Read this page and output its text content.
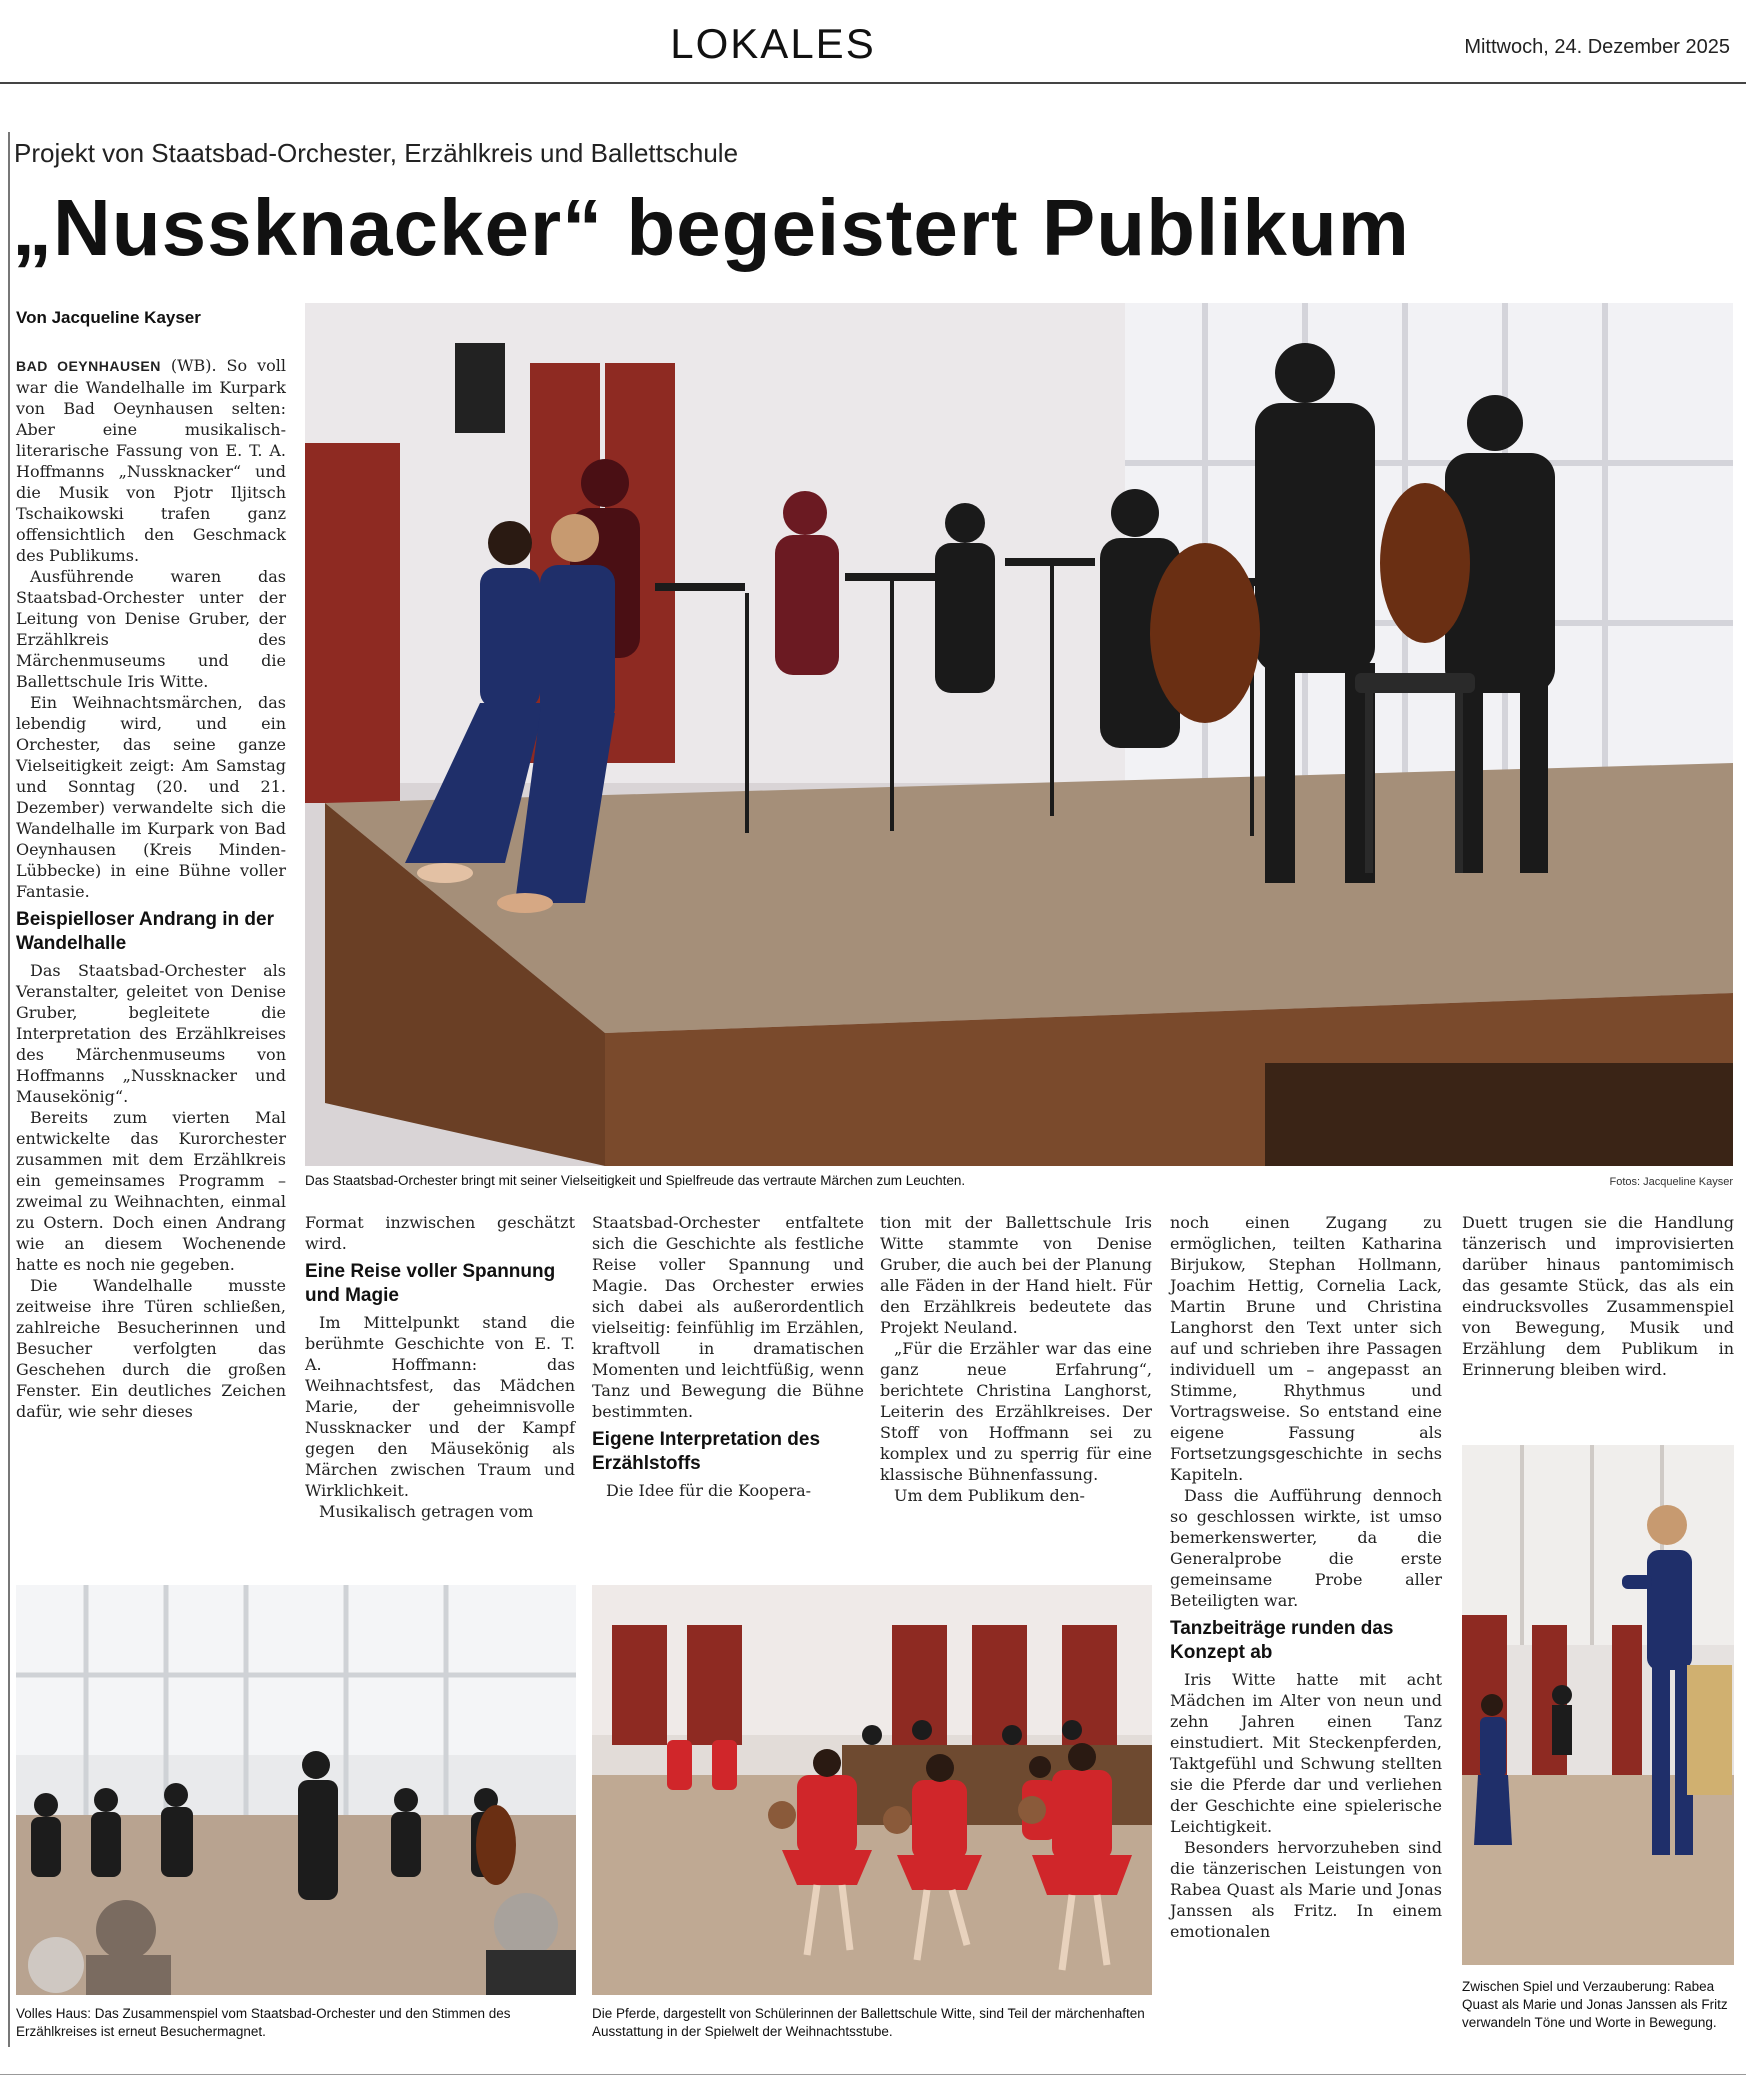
LOKALES	Mittwoch, 24. Dezember 2025
Projekt von Staatsbad-Orchester, Erzählkreis und Ballettschule
„Nussknacker“ begeistert Publikum
Von Jacqueline Kayser

BAD OEYNHAUSEN (WB). So voll war die Wandelhalle im Kurpark von Bad Oeynhausen selten: Aber eine musikalisch-literarische Fassung von E. T. A. Hoffmanns „Nussknacker“ und die Musik von Pjotr Iljitsch Tschaikowski trafen ganz offensichtlich den Geschmack des Publikums.

Ausführende waren das Staatsbad-Orchester unter der Leitung von Denise Gruber, der Erzählkreis des Märchenmuseums und die Ballettschule Iris Witte.

Ein Weihnachtsmärchen, das lebendig wird, und ein Orchester, das seine ganze Vielseitigkeit zeigt: Am Samstag und Sonntag (20. und 21. Dezember) verwandelte sich die Wandelhalle im Kurpark von Bad Oeynhausen (Kreis Minden-Lübbecke) in eine Bühne voller Fantasie.

Beispielloser Andrang in der Wandelhalle

Das Staatsbad-Orchester als Veranstalter, geleitet von Denise Gruber, begleitete die Interpretation des Erzählkreises des Märchenmuseums von Hoffmanns „Nussknacker und Mausekönig“.

Bereits zum vierten Mal entwickelte das Kurorchester zusammen mit dem Erzählkreis ein gemeinsames Programm – zweimal zu Weihnachten, einmal zu Ostern. Doch einen Andrang wie an diesem Wochenende hatte es noch nie gegeben.

Die Wandelhalle musste zeitweise ihre Türen schließen, zahlreiche Besucherinnen und Besucher verfolgten das Geschehen durch die großen Fenster. Ein deutliches Zeichen dafür, wie sehr dieses

Das Staatsbad-Orchester bringt mit seiner Vielseitigkeit und Spielfreude das vertraute Märchen zum Leuchten.	Fotos: Jacqueline Kayser

Format inzwischen geschätzt wird.

Eine Reise voller Spannung und Magie

Im Mittelpunkt stand die berühmte Geschichte von E. T. A. Hoffmann: das Weihnachtsfest, das Mädchen Marie, der geheimnisvolle Nussknacker und der Kampf gegen den Mäusekönig als Märchen zwischen Traum und Wirklichkeit.

Musikalisch getragen vom

Staatsbad-Orchester entfaltete sich die Geschichte als festliche Reise voller Spannung und Magie. Das Orchester erwies sich dabei als außerordentlich vielseitig: feinfühlig im Erzählen, kraftvoll in dramatischen Momenten und leichtfüßig, wenn Tanz und Bewegung die Bühne bestimmten.

Eigene Interpretation des Erzählstoffs

Die Idee für die Koopera-

tion mit der Ballettschule Iris Witte stammte von Denise Gruber, die auch bei der Planung alle Fäden in der Hand hielt. Für den Erzählkreis bedeutete das Projekt Neuland.

„Für die Erzähler war das eine ganz neue Erfahrung“, berichtete Christina Langhorst, Leiterin des Erzählkreises. Der Stoff von Hoffmann sei zu komplex und zu sperrig für eine klassische Bühnenfassung.

Um dem Publikum den-

noch einen Zugang zu ermöglichen, teilten Katharina Birjukow, Stephan Hollmann, Joachim Hettig, Cornelia Lack, Martin Brune und Christina Langhorst den Text unter sich auf und schrieben ihre Passagen individuell um – angepasst an Stimme, Rhythmus und Vortragsweise. So entstand eine eigene Fassung als Fortsetzungsgeschichte in sechs Kapiteln.

Dass die Aufführung dennoch so geschlossen wirkte, ist umso bemerkenswerter, da die Generalprobe die erste gemeinsame Probe aller Beteiligten war.

Tanzbeiträge runden das Konzept ab

Iris Witte hatte mit acht Mädchen im Alter von neun und zehn Jahren einen Tanz einstudiert. Mit Steckenpferden, Taktgefühl und Schwung stellten sie die Pferde dar und verliehen der Geschichte eine spielerische Leichtigkeit.

Besonders hervorzuheben sind die tänzerischen Leistungen von Rabea Quast als Marie und Jonas Janssen als Fritz. In einem emotionalen

Duett trugen sie die Handlung tänzerisch und improvisierten darüber hinaus pantomimisch das gesamte Stück, das als ein eindrucksvolles Zusammenspiel von Bewegung, Musik und Erzählung dem Publikum in Erinnerung bleiben wird.

Volles Haus: Das Zusammenspiel vom Staatsbad-Orchester und den Stimmen des Erzählkreises ist erneut Besuchermagnet.
Die Pferde, dargestellt von Schülerinnen der Ballettschule Witte, sind Teil der märchenhaften Ausstattung in der Spielwelt der Weihnachtsstube.
Zwischen Spiel und Verzauberung: Rabea Quast als Marie und Jonas Janssen als Fritz verwandeln Töne und Worte in Bewegung.
